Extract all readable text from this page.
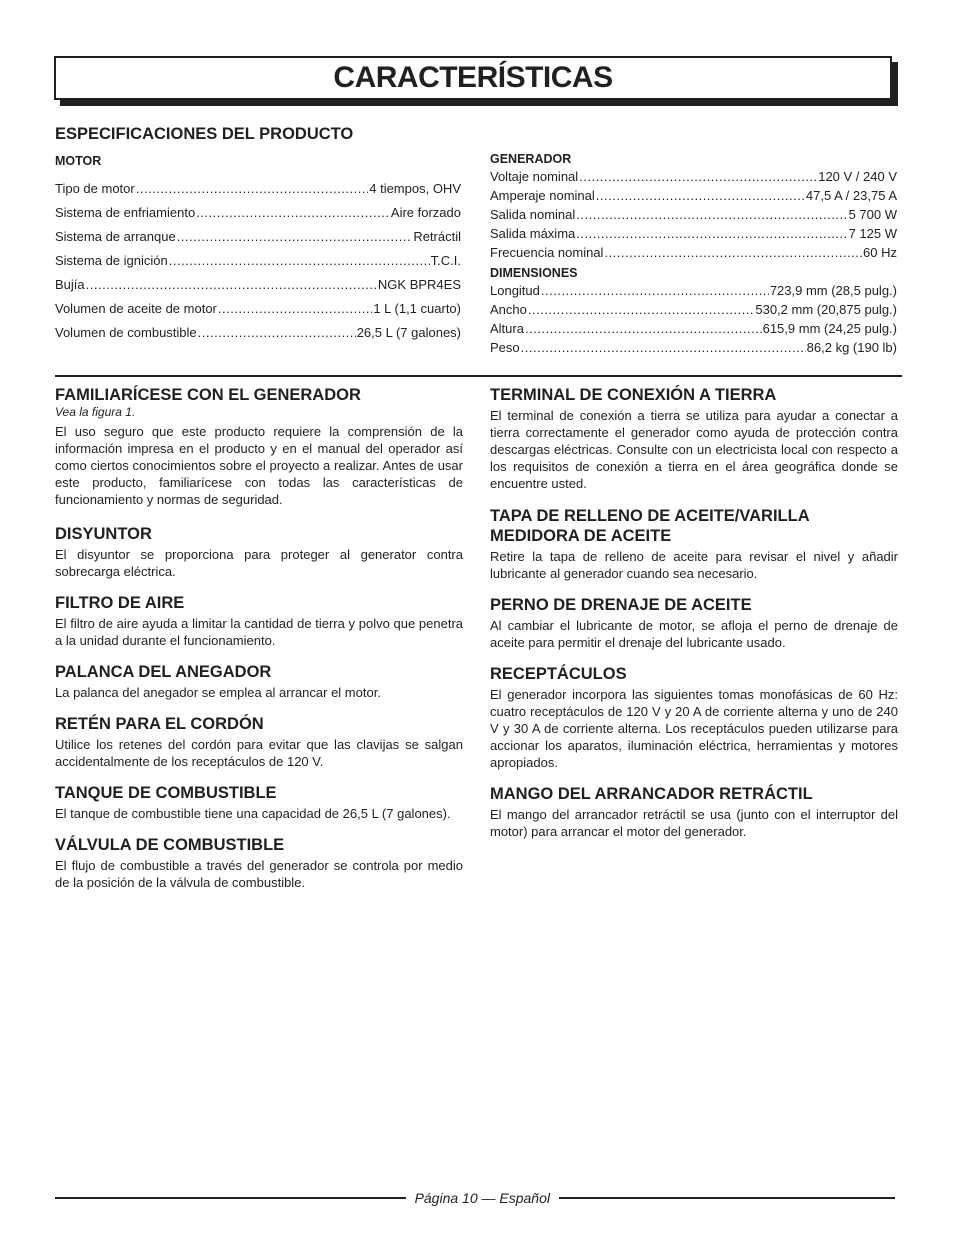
CARACTERÍSTICAS
ESPECIFICACIONES DEL PRODUCTO
MOTOR
Tipo de motor .....	4 tiempos, OHV
Sistema de enfriamiento .....	Aire forzado
Sistema de arranque .....	Retráctil
Sistema de ignición .....	T.C.I.
Bujía .....	NGK BPR4ES
Volumen de aceite de motor .....	1 L (1,1 cuarto)
Volumen de combustible .....	26,5 L (7 galones)
GENERADOR
Voltaje nominal .....	120 V / 240 V
Amperaje nominal .....	47,5 A / 23,75 A
Salida nominal .....	5 700 W
Salida máxima .....	7 125 W
Frecuencia nominal .....	60 Hz
DIMENSIONES
Longitud .....	723,9 mm (28,5 pulg.)
Ancho .....	530,2 mm (20,875 pulg.)
Altura .....	615,9 mm (24,25 pulg.)
Peso .....	86,2 kg (190 lb)
FAMILIARÍCESE CON EL GENERADOR

Vea la figura 1.

El uso seguro que este producto requiere la comprensión de la información impresa en el producto y en el manual del operador así como ciertos conocimientos sobre el proyecto a realizar. Antes de usar este producto, familiarícese con todas las características de funcionamiento y normas de seguridad.

DISYUNTOR

El disyuntor se proporciona para proteger al generator contra sobrecarga eléctrica.

FILTRO DE AIRE

El filtro de aire ayuda a limitar la cantidad de tierra y polvo que penetra a la unidad durante el funcionamiento.

PALANCA DEL ANEGADOR

La palanca del anegador se emplea al arrancar el motor.

RETÉN PARA EL CORDÓN

Utilice los retenes del cordón para evitar que las clavijas se salgan accidentalmente de los receptáculos de 120 V.

TANQUE DE COMBUSTIBLE

El tanque de combustible tiene una capacidad de 26,5 L (7 galones).

VÁLVULA DE COMBUSTIBLE

El flujo de combustible a través del generador se controla por medio de la posición de la válvula de combustible.

TERMINAL DE CONEXIÓN A TIERRA

El terminal de conexión a tierra se utiliza para ayudar a conectar a tierra correctamente el generador como ayuda de protección contra descargas eléctricas. Consulte con un electricista local con respecto a los requisitos de conexión a tierra en el área geográfica donde se encuentre usted.

TAPA DE RELLENO DE ACEITE/VARILLA MEDIDORA DE ACEITE

Retire la tapa de relleno de aceite para revisar el nivel y añadir lubricante al generador cuando sea necesario.

PERNO DE DRENAJE DE ACEITE

Al cambiar el lubricante de motor, se afloja el perno de drenaje de aceite para permitir el drenaje del lubricante usado.

RECEPTÁCULOS

El generador incorpora las siguientes tomas monofásicas de 60 Hz: cuatro receptáculos de 120 V y 20 A de corriente alterna y uno de 240 V y 30 A de corriente alterna. Los receptáculos pueden utilizarse para accionar los aparatos, iluminación eléctrica, herramientas y motores apropiados.

MANGO DEL ARRANCADOR RETRÁCTIL

El mango del arrancador retráctil se usa (junto con el interruptor del motor) para arrancar el motor del generador.

Página 10 — Español
